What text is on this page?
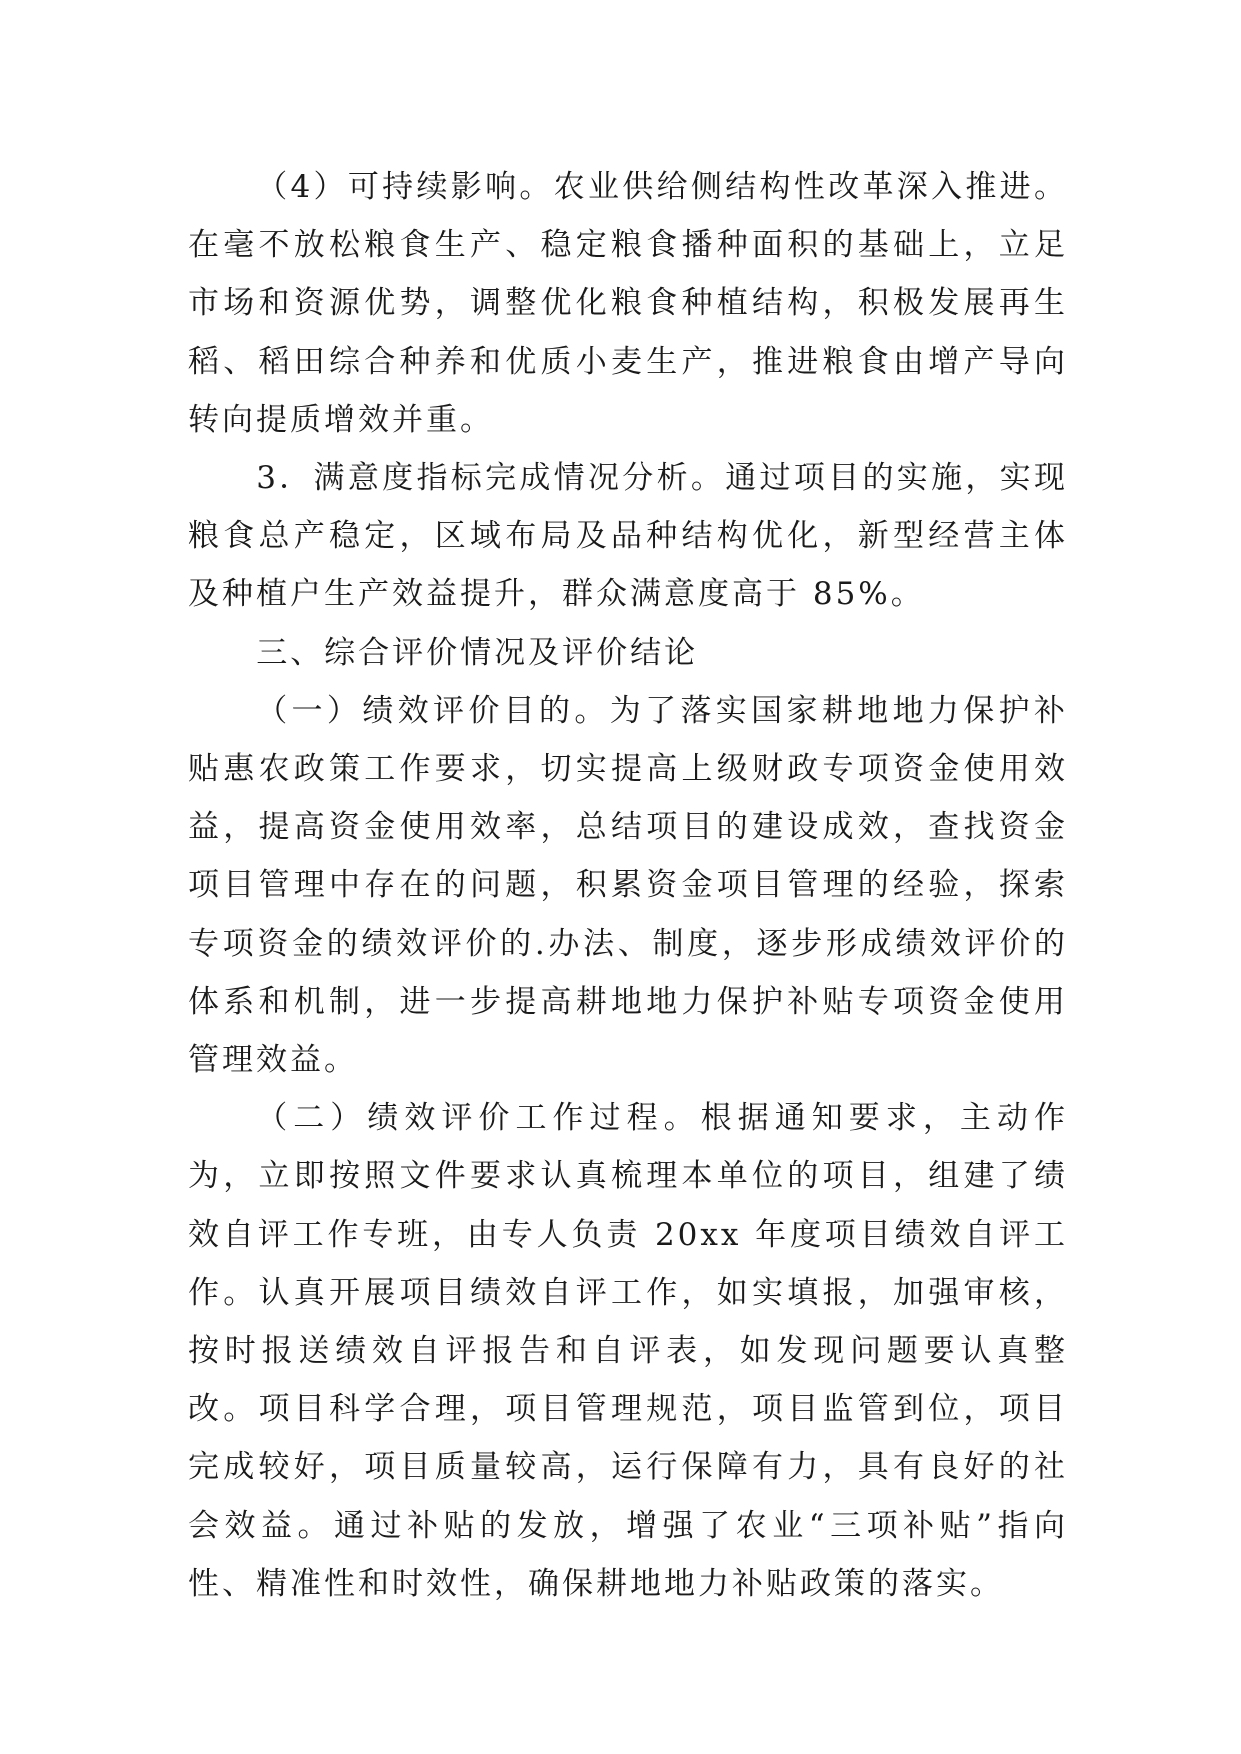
（4）可持续影响。农业供给侧结构性改革深入推进。在毫不放松粮食生产、稳定粮食播种面积的基础上，立足市场和资源优势，调整优化粮食种植结构，积极发展再生稻、稻田综合种养和优质小麦生产，推进粮食由增产导向转向提质增效并重。

3．满意度指标完成情况分析。通过项目的实施，实现粮食总产稳定，区域布局及品种结构优化，新型经营主体及种植户生产效益提升，群众满意度高于 85%。

三、综合评价情况及评价结论

（一）绩效评价目的。为了落实国家耕地地力保护补贴惠农政策工作要求，切实提高上级财政专项资金使用效益，提高资金使用效率，总结项目的建设成效，查找资金项目管理中存在的问题，积累资金项目管理的经验，探索专项资金的绩效评价的.办法、制度，逐步形成绩效评价的体系和机制，进一步提高耕地地力保护补贴专项资金使用管理效益。

（二）绩效评价工作过程。根据通知要求，主动作为，立即按照文件要求认真梳理本单位的项目，组建了绩效自评工作专班，由专人负责 20xx 年度项目绩效自评工作。认真开展项目绩效自评工作，如实填报，加强审核，按时报送绩效自评报告和自评表，如发现问题要认真整改。项目科学合理，项目管理规范，项目监管到位，项目完成较好，项目质量较高，运行保障有力，具有良好的社会效益。通过补贴的发放，增强了农业“三项补贴”指向性、精准性和时效性，确保耕地地力补贴政策的落实。
